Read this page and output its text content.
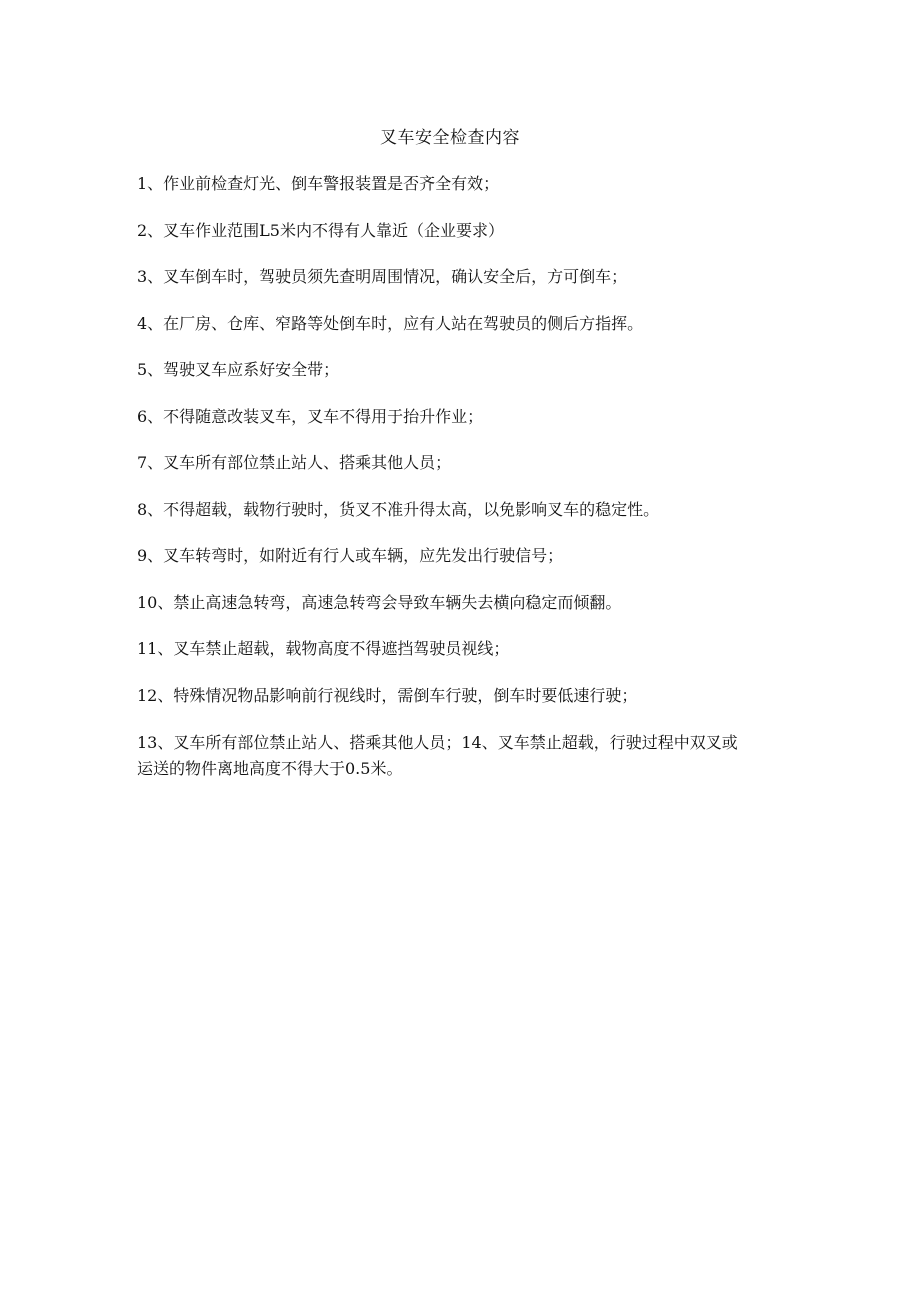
叉车安全检查内容
1、作业前检查灯光、倒车警报装置是否齐全有效；
2、叉车作业范围L5米内不得有人靠近（企业要求）
3、叉车倒车时，驾驶员须先查明周围情况，确认安全后，方可倒车；
4、在厂房、仓库、窄路等处倒车时，应有人站在驾驶员的侧后方指挥。
5、驾驶叉车应系好安全带；
6、不得随意改装叉车，叉车不得用于抬升作业；
7、叉车所有部位禁止站人、搭乘其他人员；
8、不得超载，载物行驶时，货叉不准升得太高，以免影响叉车的稳定性。
9、叉车转弯时，如附近有行人或车辆，应先发出行驶信号；
10、禁止高速急转弯，高速急转弯会导致车辆失去横向稳定而倾翻。
11、叉车禁止超载，载物高度不得遮挡驾驶员视线；
12、特殊情况物品影响前行视线时，需倒车行驶，倒车时要低速行驶；
13、叉车所有部位禁止站人、搭乘其他人员；14、叉车禁止超载，行驶过程中双叉或运送的物件离地高度不得大于0.5米。
